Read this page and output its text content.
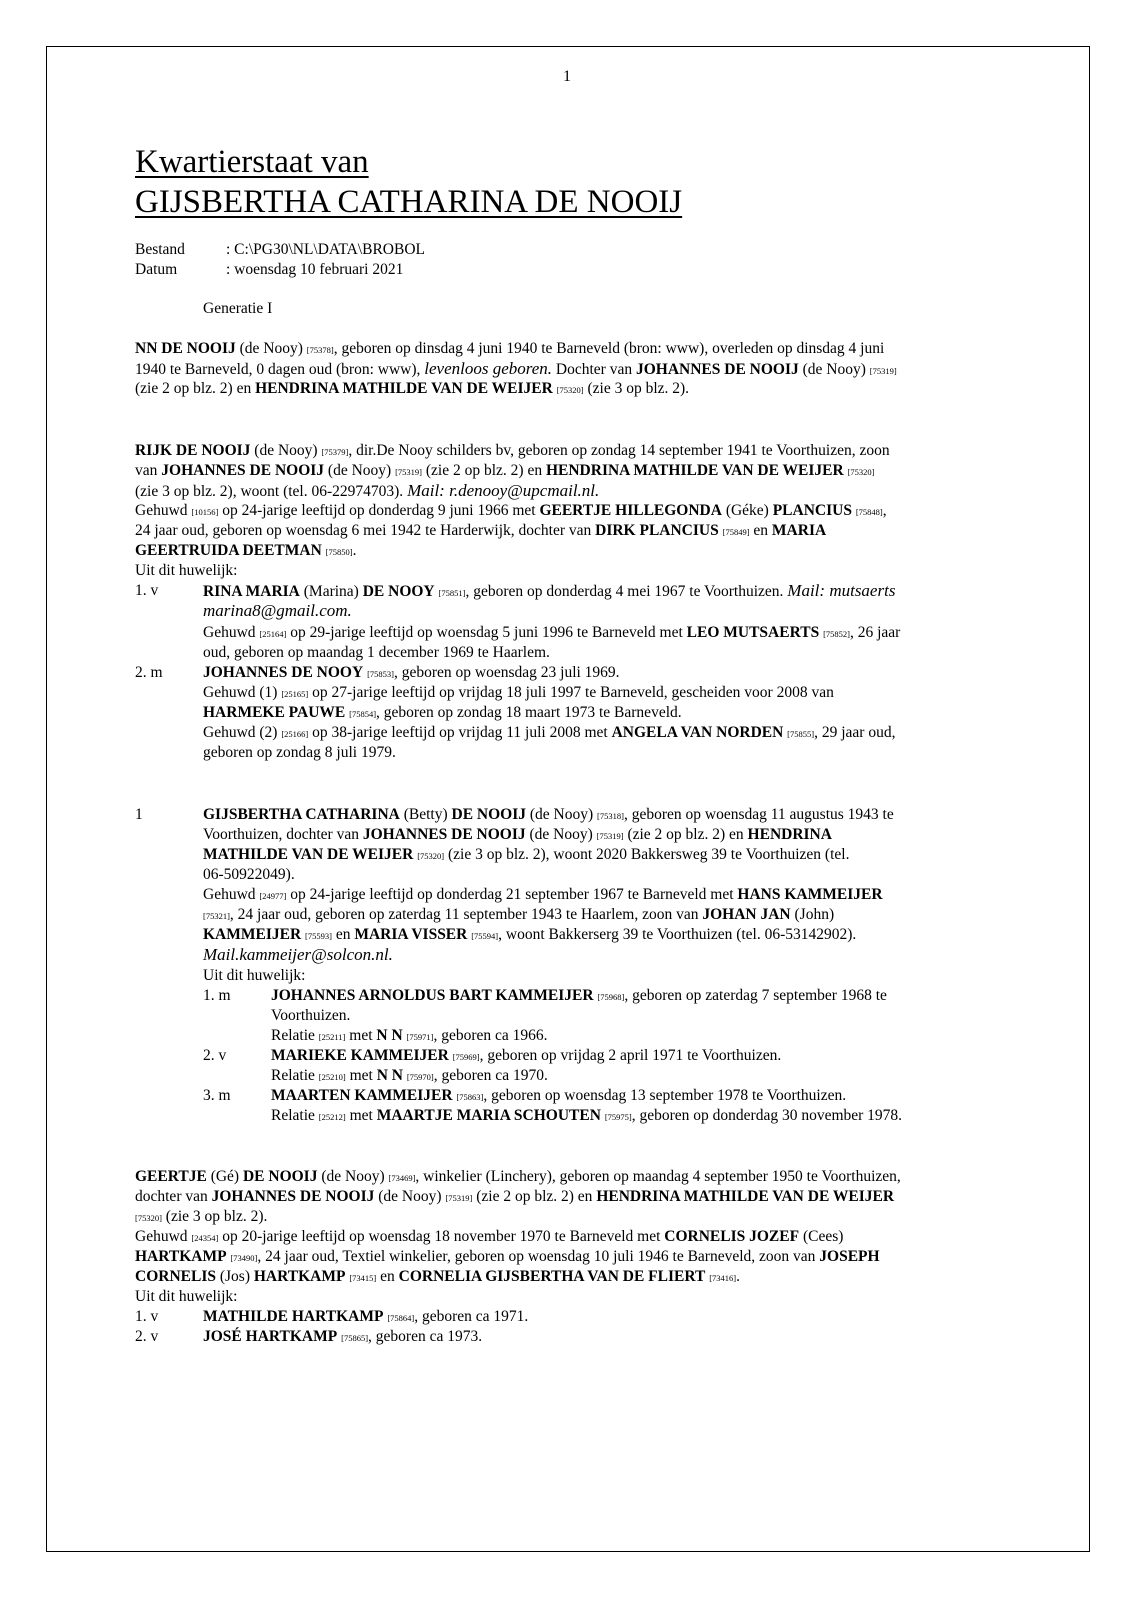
1
Kwartierstaat van
GIJSBERTHA CATHARINA DE NOOIJ
Bestand	: C:\PG30\NL\DATA\BROBOL
Datum	: woensdag 10 februari 2021
Generatie I
NN DE NOOIJ (de Nooy) [75378], geboren op dinsdag 4 juni 1940 te Barneveld (bron: www), overleden op dinsdag 4 juni
1940 te Barneveld, 0 dagen oud (bron: www), levenloos geboren. Dochter van JOHANNES DE NOOIJ (de Nooy) [75319]
(zie 2 op blz. 2) en HENDRINA MATHILDE VAN DE WEIJER [75320] (zie 3 op blz. 2).
RIJK DE NOOIJ (de Nooy) [75379], dir.De Nooy schilders bv, geboren op zondag 14 september 1941 te Voorthuizen, zoon
van JOHANNES DE NOOIJ (de Nooy) [75319] (zie 2 op blz. 2) en HENDRINA MATHILDE VAN DE WEIJER [75320]
(zie 3 op blz. 2), woont (tel. 06-22974703). Mail: r.denooy@upcmail.nl.
Gehuwd [10156] op 24-jarige leeftijd op donderdag 9 juni 1966 met GEERTJE HILLEGONDA (Géke) PLANCIUS [75848],
24 jaar oud, geboren op woensdag 6 mei 1942 te Harderwijk, dochter van DIRK PLANCIUS [75849] en MARIA
GEERTRUIDA DEETMAN [75850].
Uit dit huwelijk:
1. v	RINA MARIA (Marina) DE NOOY [75851], geboren op donderdag 4 mei 1967 te Voorthuizen. Mail: mutsaerts
marina8@gmail.com.
Gehuwd [25164] op 29-jarige leeftijd op woensdag 5 juni 1996 te Barneveld met LEO MUTSAERTS [75852], 26 jaar
oud, geboren op maandag 1 december 1969 te Haarlem.
2. m	JOHANNES DE NOOY [75853], geboren op woensdag 23 juli 1969.
Gehuwd (1) [25165] op 27-jarige leeftijd op vrijdag 18 juli 1997 te Barneveld, gescheiden voor 2008 van
HARMEKE PAUWE [75854], geboren op zondag 18 maart 1973 te Barneveld.
Gehuwd (2) [25166] op 38-jarige leeftijd op vrijdag 11 juli 2008 met ANGELA VAN NORDEN [75855], 29 jaar oud,
geboren op zondag 8 juli 1979.
1	GIJSBERTHA CATHARINA (Betty) DE NOOIJ (de Nooy) [75318], geboren op woensdag 11 augustus 1943 te
Voorthuizen, dochter van JOHANNES DE NOOIJ (de Nooy) [75319] (zie 2 op blz. 2) en HENDRINA
MATHILDE VAN DE WEIJER [75320] (zie 3 op blz. 2), woont 2020 Bakkersweg 39 te Voorthuizen (tel.
06-50922049).
Gehuwd [24977] op 24-jarige leeftijd op donderdag 21 september 1967 te Barneveld met HANS KAMMEIJER
[75321], 24 jaar oud, geboren op zaterdag 11 september 1943 te Haarlem, zoon van JOHAN JAN (John)
KAMMEIJER [75593] en MARIA VISSER [75594], woont Bakkerserg 39 te Voorthuizen (tel. 06-53142902).
Mail.kammeijer@solcon.nl.
Uit dit huwelijk:
1. m	JOHANNES ARNOLDUS BART KAMMEIJER [75968], geboren op zaterdag 7 september 1968 te
Voorthuizen.
Relatie [25211] met N N [75971], geboren ca 1966.
2. v	MARIEKE KAMMEIJER [75969], geboren op vrijdag 2 april 1971 te Voorthuizen.
Relatie [25210] met N N [75970], geboren ca 1970.
3. m	MAARTEN KAMMEIJER [75863], geboren op woensdag 13 september 1978 te Voorthuizen.
Relatie [25212] met MAARTJE MARIA SCHOUTEN [75975], geboren op donderdag 30 november 1978.
GEERTJE (Gé) DE NOOIJ (de Nooy) [73469], winkelier (Linchery), geboren op maandag 4 september 1950 te Voorthuizen,
dochter van JOHANNES DE NOOIJ (de Nooy) [75319] (zie 2 op blz. 2) en HENDRINA MATHILDE VAN DE WEIJER
[75320] (zie 3 op blz. 2).
Gehuwd [24354] op 20-jarige leeftijd op woensdag 18 november 1970 te Barneveld met CORNELIS JOZEF (Cees)
HARTKAMP [73490], 24 jaar oud, Textiel winkelier, geboren op woensdag 10 juli 1946 te Barneveld, zoon van JOSEPH
CORNELIS (Jos) HARTKAMP [73415] en CORNELIA GIJSBERTHA VAN DE FLIERT [73416].
Uit dit huwelijk:
1. v	MATHILDE HARTKAMP [75864], geboren ca 1971.
2. v	JOSÉ HARTKAMP [75865], geboren ca 1973.
